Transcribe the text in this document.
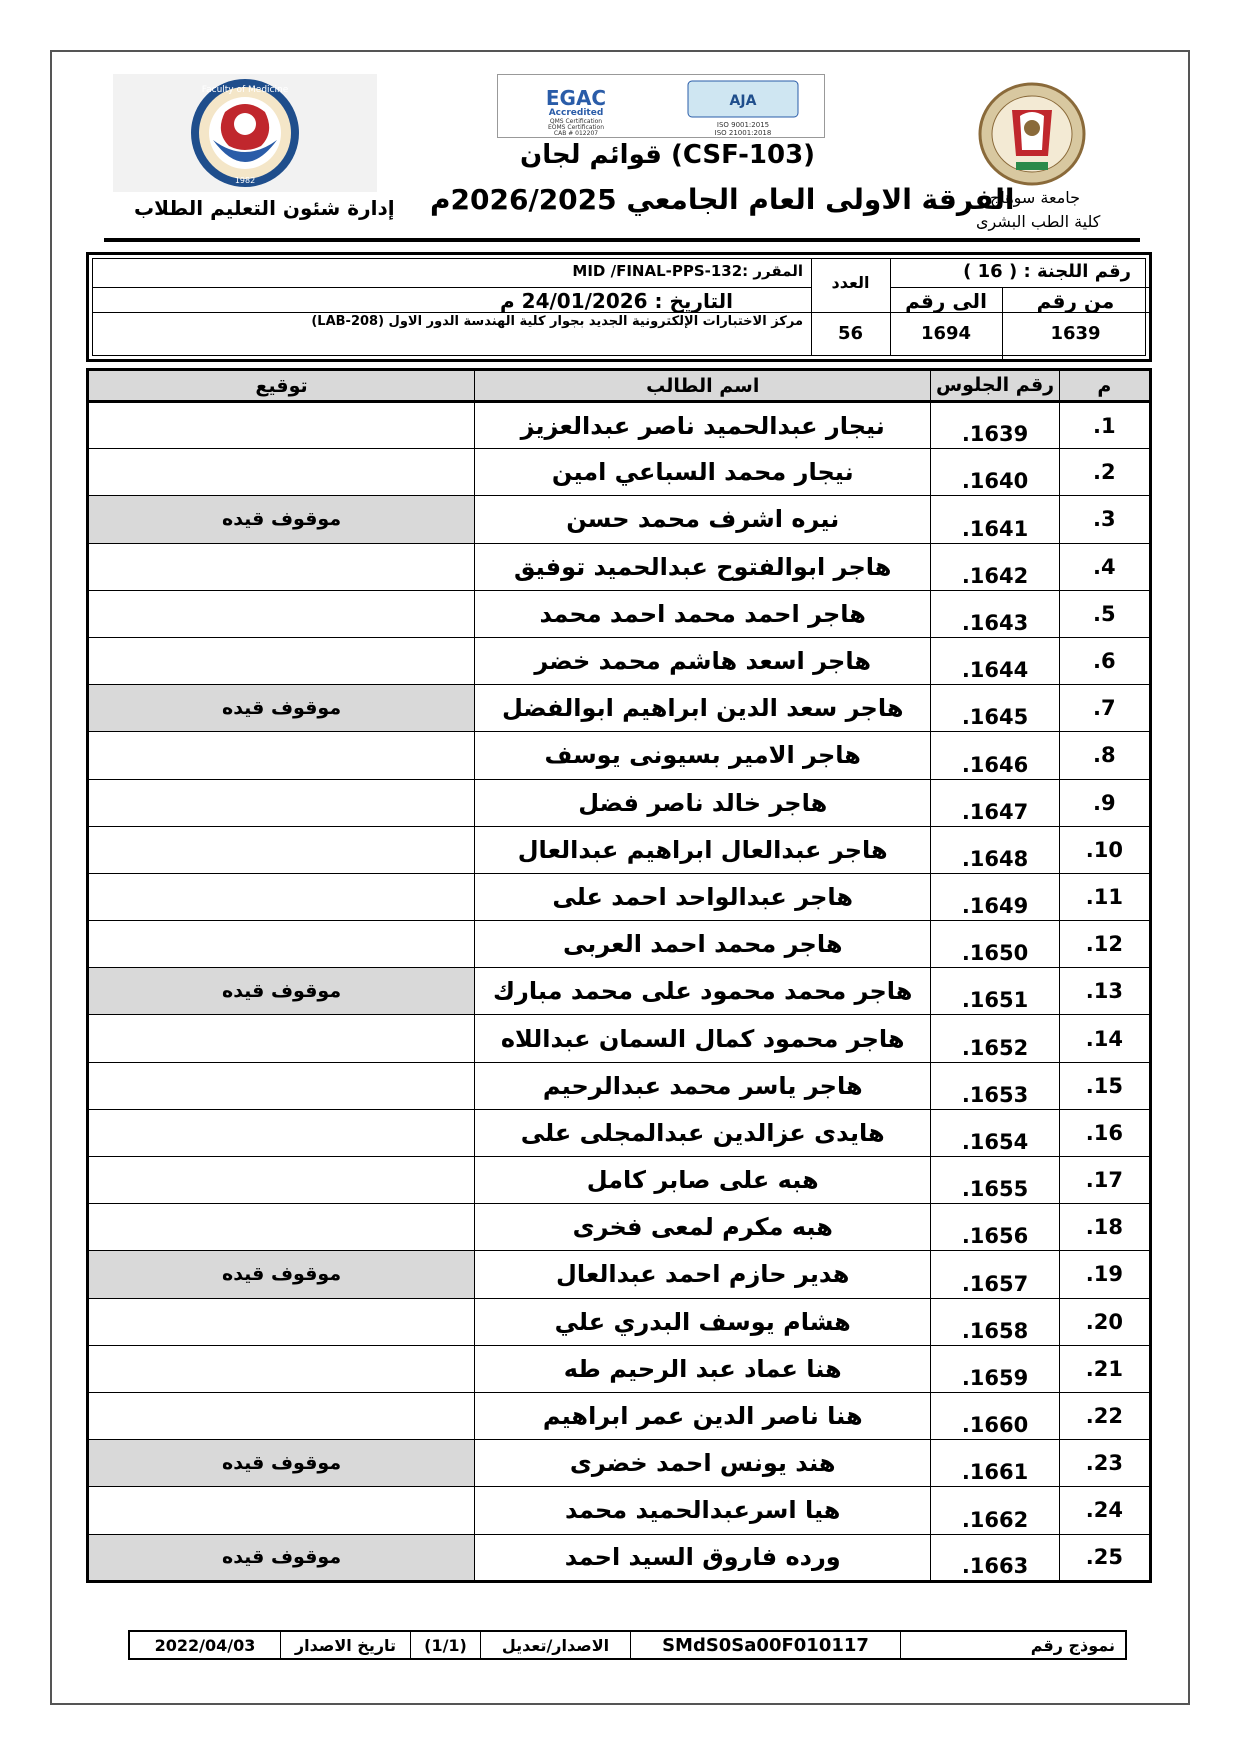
Faculty of Medicine
1982
EGAC
Accredited
QMS Certification
EOMS Certification
CAB # 012207
AJA
ISO 9001:2015
ISO 21001:2018
إدارة شئون التعليم الطلاب
قوائم لجان (CSF-103)
الفرقة الاولى العام الجامعي 2026/2025م
جامعة سوهاج
كلية الطب البشرى
MID /FINAL-PPS-132: المقرر
التاريخ : 24/01/2026 م
مركز الاختبارات الإلكترونية الجديد بجوار كلية الهندسة الدور الاول (LAB-208)
العدد
56
رقم اللجنة : ( 16 )
الى رقم	من رقم
1694	1639
توقيع	اسم الطالب	رقم الجلوس	م
	نيجار عبدالحميد ناصر عبدالعزيز	1639.	1.
	نيجار محمد السباعي امين	1640.	2.
موقوف قيده	نيره اشرف محمد حسن	1641.	3.
	هاجر ابوالفتوح عبدالحميد توفيق	1642.	4.
	هاجر احمد محمد احمد محمد	1643.	5.
	هاجر اسعد هاشم محمد خضر	1644.	6.
موقوف قيده	هاجر سعد الدين ابراهيم ابوالفضل	1645.	7.
	هاجر الامير بسيونى يوسف	1646.	8.
	هاجر خالد ناصر فضل	1647.	9.
	هاجر عبدالعال ابراهيم عبدالعال	1648.	10.
	هاجر عبدالواحد احمد على	1649.	11.
	هاجر محمد احمد العربى	1650.	12.
موقوف قيده	هاجر محمد محمود على محمد مبارك	1651.	13.
	هاجر محمود كمال السمان عبداللاه	1652.	14.
	هاجر ياسر محمد عبدالرحيم	1653.	15.
	هايدى عزالدين عبدالمجلى على	1654.	16.
	هبه على صابر كامل	1655.	17.
	هبه مكرم لمعى فخرى	1656.	18.
موقوف قيده	هدير حازم احمد عبدالعال	1657.	19.
	هشام يوسف البدري علي	1658.	20.
	هنا عماد عبد الرحيم طه	1659.	21.
	هنا ناصر الدين عمر ابراهيم	1660.	22.
موقوف قيده	هند يونس احمد خضرى	1661.	23.
	هيا اسرعبدالحميد محمد	1662.	24.
موقوف قيده	ورده فاروق السيد احمد	1663.	25.
2022/04/03	تاريخ الاصدار	(1/1)	الاصدار/تعديل	SMdS0Sa00F010117	نموذج رقم
